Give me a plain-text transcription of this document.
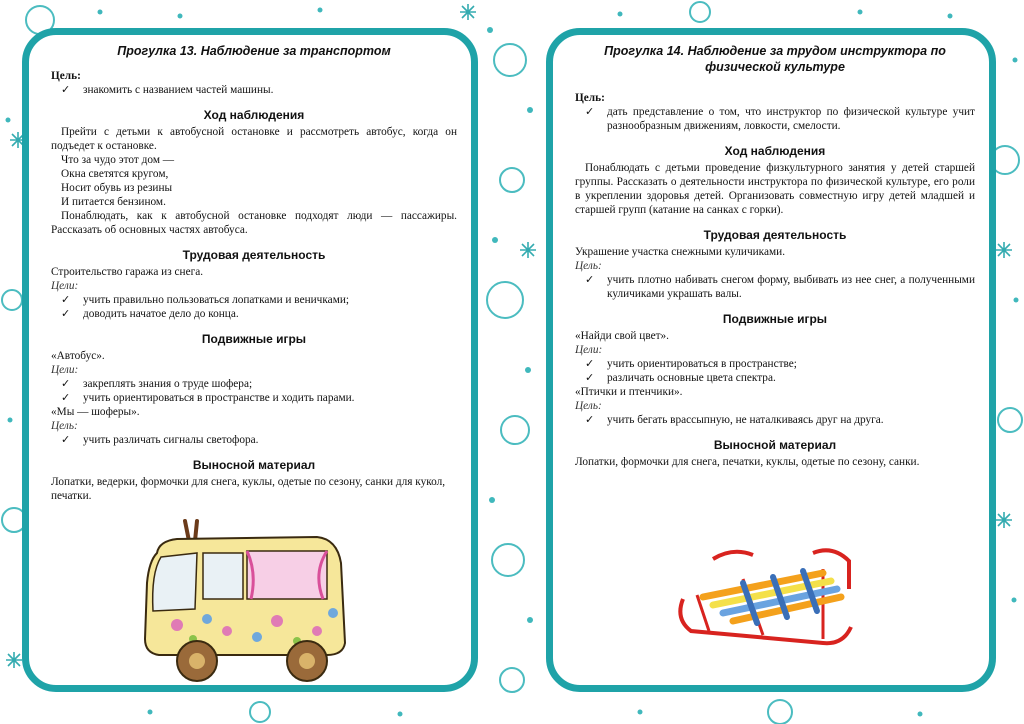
Прогулка 13. Наблюдение за транспортом

Цель:

✓ знакомить с названием частей машины.
Ход наблюдения

Прейти с детьми к автобусной остановке и рассмотреть автобус, когда он подъедет к остановке.

Что за чудо этот дом —

Окна светятся кругом,

Носит обувь из резины

И питается бензином.

Понаблюдать, как к автобусной остановке подходят люди — пассажиры. Рассказать об основных частях автобуса.

Трудовая деятельность

Строительство гаража из снега.

Цели:

✓ учить правильно пользоваться лопатками и веничками;
✓ доводить начатое дело до конца.
Подвижные игры

«Автобус».

Цели:

✓ закреплять знания о труде шофера;
✓ учить ориентироваться в пространстве и ходить парами.

«Мы — шоферы».

Цель:

✓ учить различать сигналы светофора.
Выносной материал

Лопатки, ведерки, формочки для снега, куклы, одетые по сезону, санки для кукол, печатки.

Прогулка 14. Наблюдение за трудом инструктора по физической культуре

Цель:

✓ дать представление о том, что инструктор по физической культуре учит разнообразным движениям, ловкости, смелости.
Ход наблюдения

Понаблюдать с детьми проведение физкультурного занятия у детей старшей группы. Рассказать о деятельности инструктора по физической культуре, его роли в укреплении здоровья детей. Организовать совместную игру детей младшей и старшей групп (катание на санках с горки).

Трудовая деятельность

Украшение участка снежными куличиками.

Цель:

✓ учить плотно набивать снегом форму, выбивать из нее снег, а полученными куличиками украшать валы.
Подвижные игры

«Найди свой цвет».

Цели:

✓ учить ориентироваться в пространстве;
✓ различать основные цвета спектра.

«Птички и птенчики».

Цель:

✓ учить бегать врассыпную, не наталкиваясь друг на друга.
Выносной материал

Лопатки, формочки для снега, печатки, куклы, одетые по сезону, санки.
